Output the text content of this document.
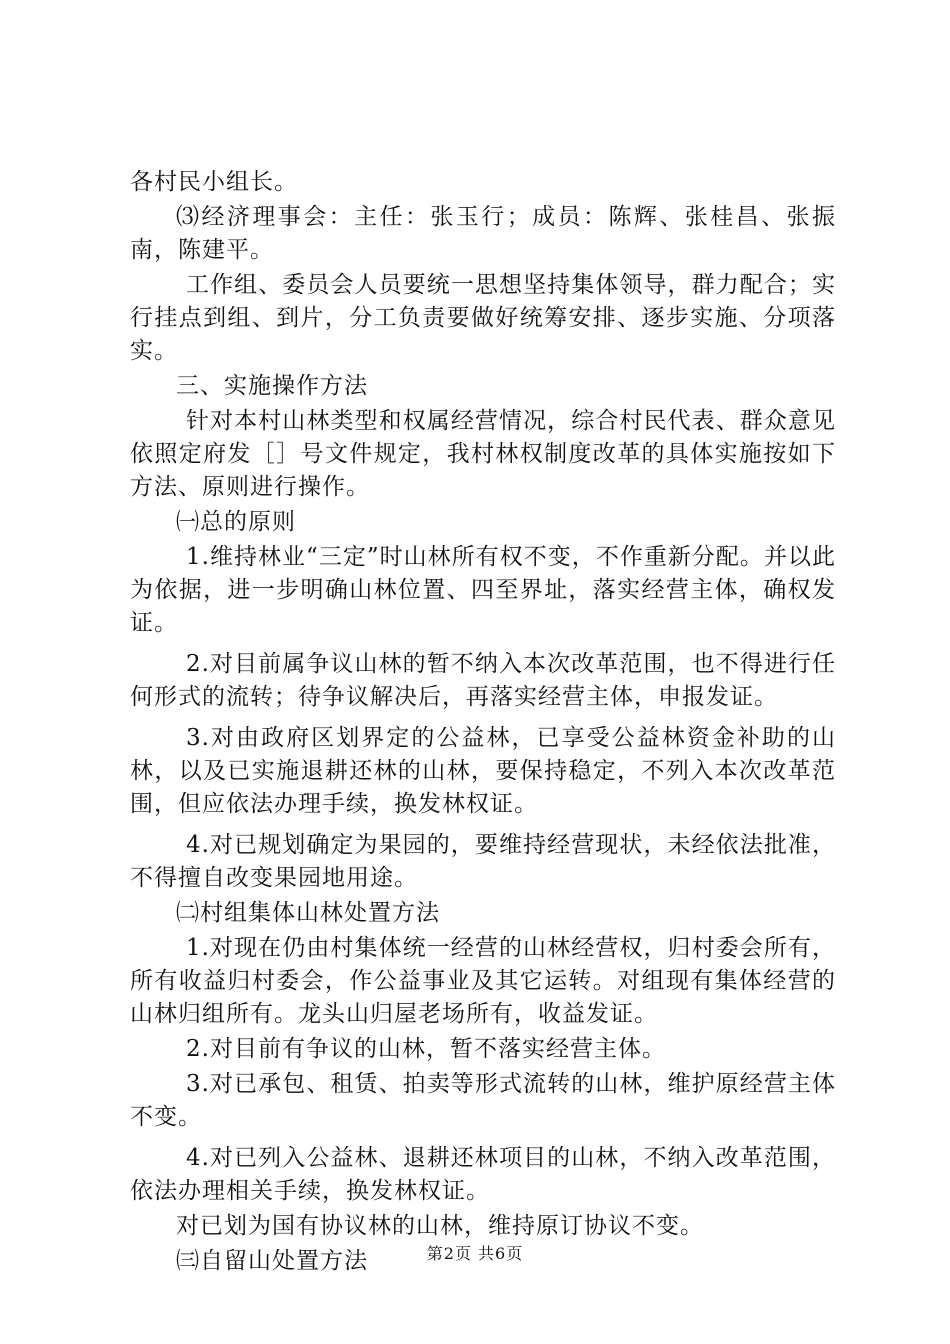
各村民小组长。

⑶经济理事会：主任：张玉行；成员：陈辉、张桂昌、张振南，陈建平。

工作组、委员会人员要统一思想坚持集体领导，群力配合；实行挂点到组、到片，分工负责要做好统筹安排、逐步实施、分项落实。

三、实施操作方法

针对本村山林类型和权属经营情况，综合村民代表、群众意见依照定府发［］号文件规定，我村林权制度改革的具体实施按如下方法、原则进行操作。

㈠总的原则

1.维持林业“三定”时山林所有权不变，不作重新分配。并以此为依据，进一步明确山林位置、四至界址，落实经营主体，确权发证。

2.对目前属争议山林的暂不纳入本次改革范围，也不得进行任何形式的流转；待争议解决后，再落实经营主体，申报发证。

3.对由政府区划界定的公益林，已享受公益林资金补助的山林，以及已实施退耕还林的山林，要保持稳定，不列入本次改革范围，但应依法办理手续，换发林权证。

4.对已规划确定为果园的，要维持经营现状，未经依法批准，不得擅自改变果园地用途。

㈡村组集体山林处置方法

1.对现在仍由村集体统一经营的山林经营权，归村委会所有，所有收益归村委会，作公益事业及其它运转。对组现有集体经营的山林归组所有。龙头山归屋老场所有，收益发证。

2.对目前有争议的山林，暂不落实经营主体。

3.对已承包、租赁、拍卖等形式流转的山林，维护原经营主体不变。

4.对已列入公益林、退耕还林项目的山林，不纳入改革范围，依法办理相关手续，换发林权证。

对已划为国有协议林的山林，维持原订协议不变。

㈢自留山处置方法	第2页 共6页
